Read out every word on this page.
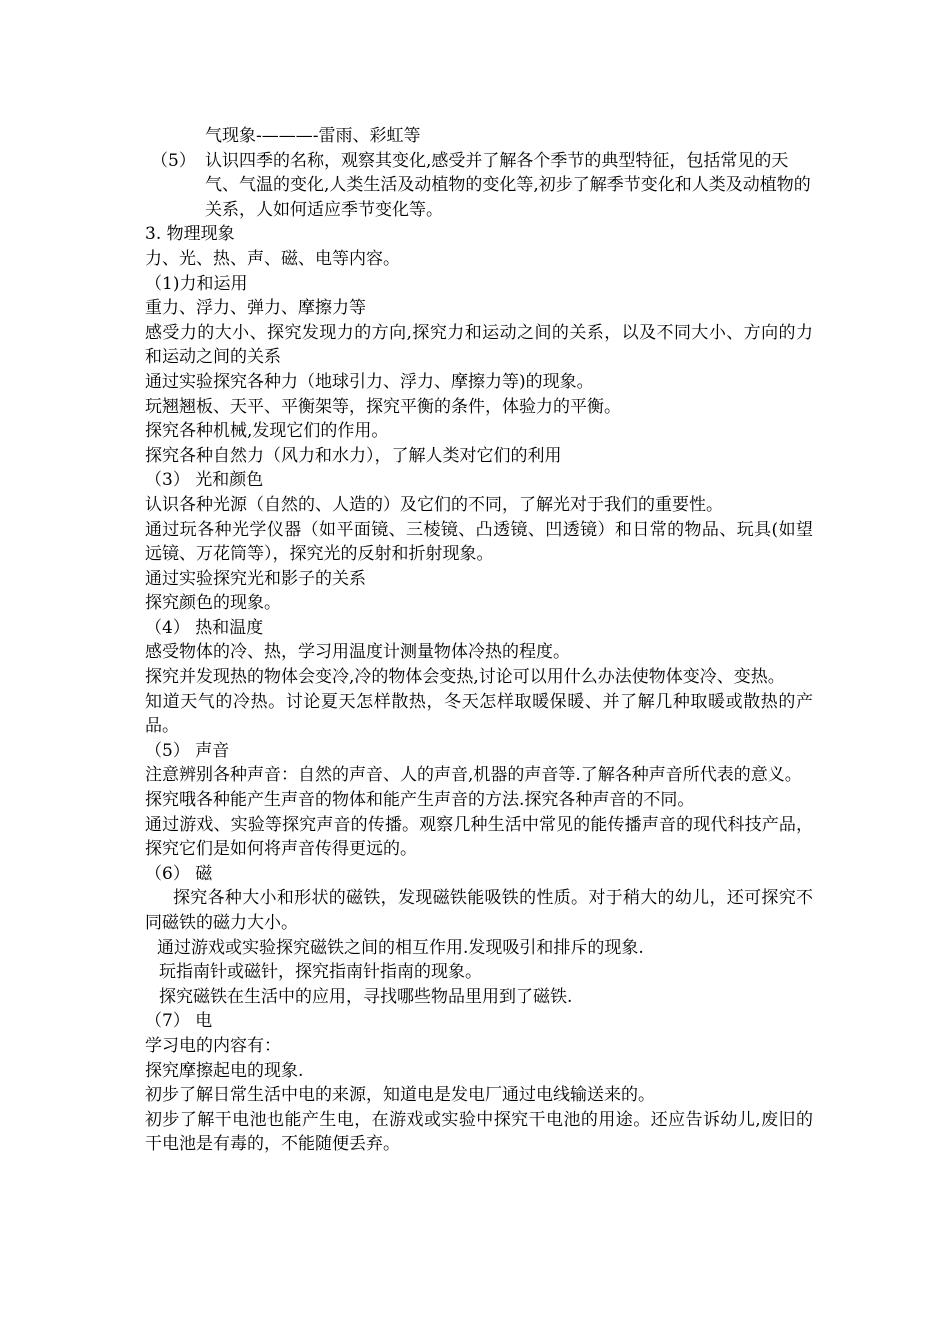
气现象-———-雷雨、彩虹等
（5） 认识四季的名称，观察其变化,感受并了解各个季节的典型特征，包括常见的天气、气温的变化,人类生活及动植物的变化等,初步了解季节变化和人类及动植物的关系，人如何适应季节变化等。
3. 物理现象
力、光、热、声、磁、电等内容。
（1)力和运用
重力、浮力、弹力、摩擦力等
感受力的大小、探究发现力的方向,探究力和运动之间的关系，以及不同大小、方向的力和运动之间的关系
通过实验探究各种力（地球引力、浮力、摩擦力等)的现象。
玩翘翘板、天平、平衡架等，探究平衡的条件，体验力的平衡。
探究各种机械,发现它们的作用。
探究各种自然力（风力和水力），了解人类对它们的利用
（3） 光和颜色
认识各种光源（自然的、人造的）及它们的不同，了解光对于我们的重要性。
通过玩各种光学仪器（如平面镜、三棱镜、凸透镜、凹透镜）和日常的物品、玩具(如望远镜、万花筒等），探究光的反射和折射现象。
通过实验探究光和影子的关系
探究颜色的现象。
（4） 热和温度
感受物体的冷、热，学习用温度计测量物体冷热的程度。
探究并发现热的物体会变冷,冷的物体会变热,讨论可以用什么办法使物体变冷、变热。
知道天气的冷热。讨论夏天怎样散热，冬天怎样取暖保暖、并了解几种取暖或散热的产品。
（5） 声音
注意辨别各种声音：自然的声音、人的声音,机器的声音等.了解各种声音所代表的意义。
探究哦各种能产生声音的物体和能产生声音的方法.探究各种声音的不同。
通过游戏、实验等探究声音的传播。观察几种生活中常见的能传播声音的现代科技产品，探究它们是如何将声音传得更远的。
（6） 磁
探究各种大小和形状的磁铁，发现磁铁能吸铁的性质。对于稍大的幼儿，还可探究不同磁铁的磁力大小。
通过游戏或实验探究磁铁之间的相互作用.发现吸引和排斥的现象.
玩指南针或磁针，探究指南针指南的现象。
探究磁铁在生活中的应用，寻找哪些物品里用到了磁铁.
（7） 电
学习电的内容有：
探究摩擦起电的现象.
初步了解日常生活中电的来源，知道电是发电厂通过电线输送来的。
初步了解干电池也能产生电，在游戏或实验中探究干电池的用途。还应告诉幼儿,废旧的干电池是有毒的，不能随便丢弃。
